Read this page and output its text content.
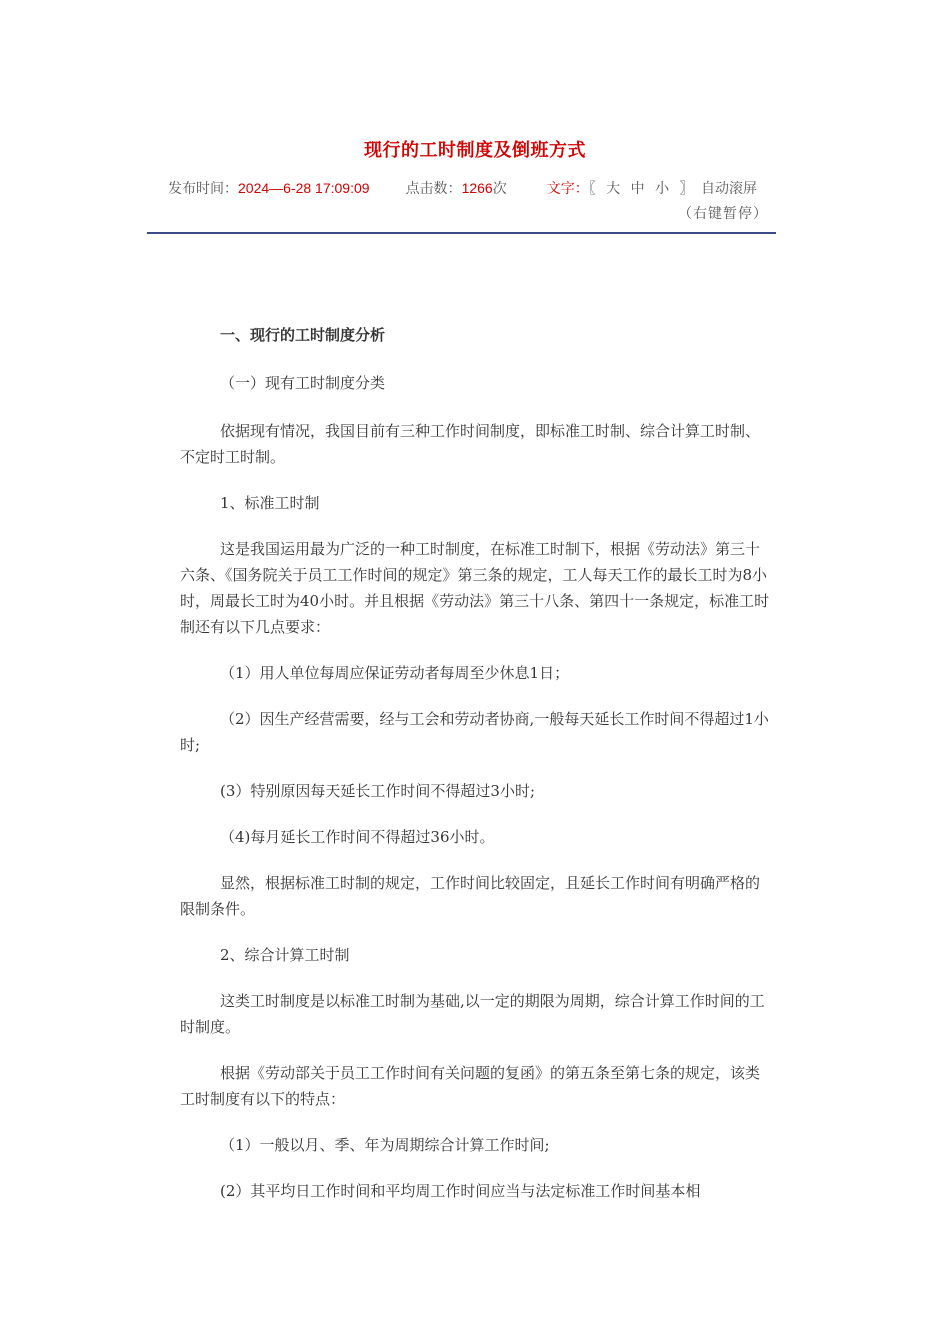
现行的工时制度及倒班方式
发布时间：2024—6-28 17:09:09	点击数：1266次	文字：〖 大 中 小 〗 自动滚屏
（右键暂停）

一、现行的工时制度分析

（一）现有工时制度分类

依据现有情况，我国目前有三种工作时间制度，即标准工时制、综合计算工时制、不定时工时制。

1、标准工时制

这是我国运用最为广泛的一种工时制度，在标准工时制下，根据《劳动法》第三十六条、《国务院关于员工工作时间的规定》第三条的规定，工人每天工作的最长工时为8小时，周最长工时为40小时。并且根据《劳动法》第三十八条、第四十一条规定，标准工时制还有以下几点要求：

（1）用人单位每周应保证劳动者每周至少休息1日；

（2）因生产经营需要，经与工会和劳动者协商,一般每天延长工作时间不得超过1小时;

(3）特别原因每天延长工作时间不得超过3小时;

（4)每月延长工作时间不得超过36小时。

显然，根据标准工时制的规定，工作时间比较固定，且延长工作时间有明确严格的限制条件。

2、综合计算工时制

这类工时制度是以标准工时制为基础,以一定的期限为周期，综合计算工作时间的工时制度。

根据《劳动部关于员工工作时间有关问题的复函》的第五条至第七条的规定，该类工时制度有以下的特点：

（1）一般以月、季、年为周期综合计算工作时间;

(2）其平均日工作时间和平均周工作时间应当与法定标准工作时间基本相
